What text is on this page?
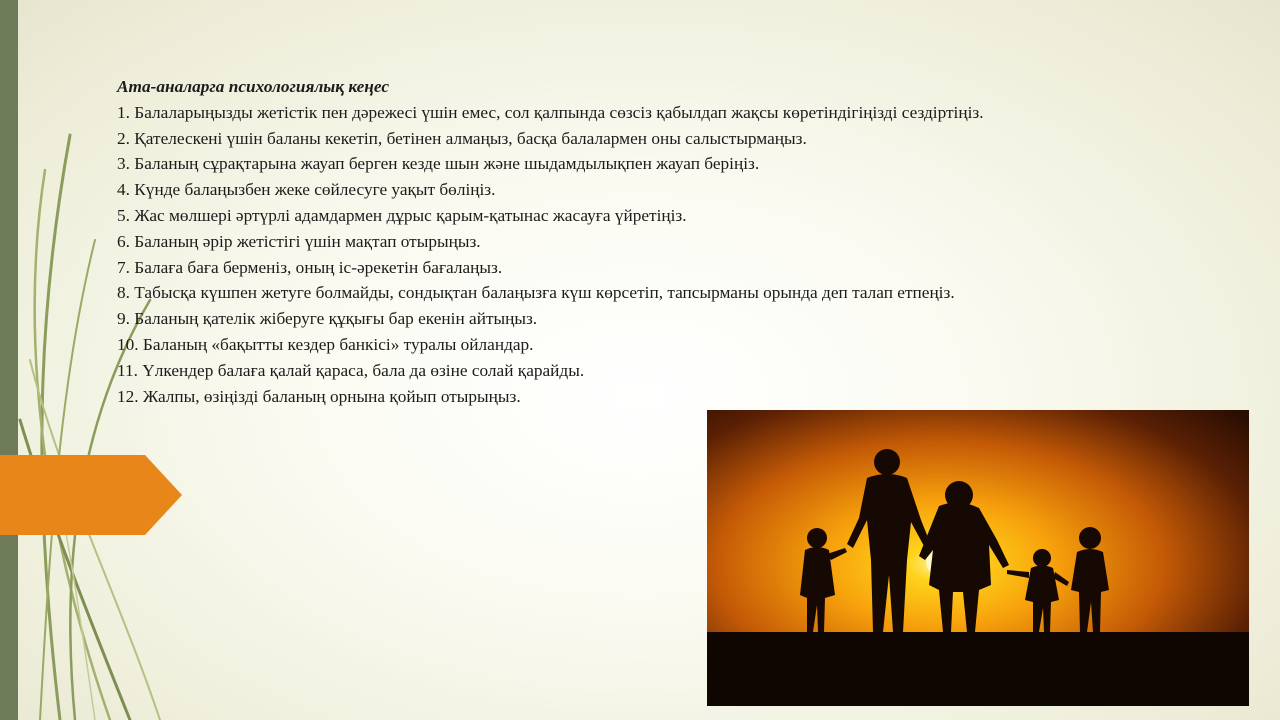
Ата-аналарга психологиялық кеңес
1. Балаларыңызды жетістік пен дәрежесі үшін емес, сол қалпында сөзсіз қабылдап жақсы көретіндігіңізді сездіртіңіз.
2. Қателескені үшін баланы кекетіп, бетінен алмаңыз, басқа балалармен оны салыстырмаңыз.
3. Баланың сұрақтарына жауап берген кезде шын және шыдамдылықпен жауап беріңіз.
4. Күнде балаңызбен жеке сөйлесуге уақыт бөліңіз.
5. Жас мөлшері әртүрлі адамдармен дұрыс қарым-қатынас жасауға үйретіңіз.
6. Баланың әрір жетістігі үшін мақтап отырыңыз.
7. Балаға баға берменіз, оның іс-әрекетін бағалаңыз.
8. Табысқа күшпен жетуге болмайды, сондықтан балаңызға күш көрсетіп, тапсырманы орында деп талап етпеңіз.
9. Баланың қателік жіберуге құқығы бар екенін айтыңыз.
10. Баланың «бақытты кездер банкісі» туралы ойландар.
11. Үлкендер балаға қалай қараса, бала да өзіне солай қарайды.
12. Жалпы, өзіңізді баланың орнына қойып отырыңыз.
